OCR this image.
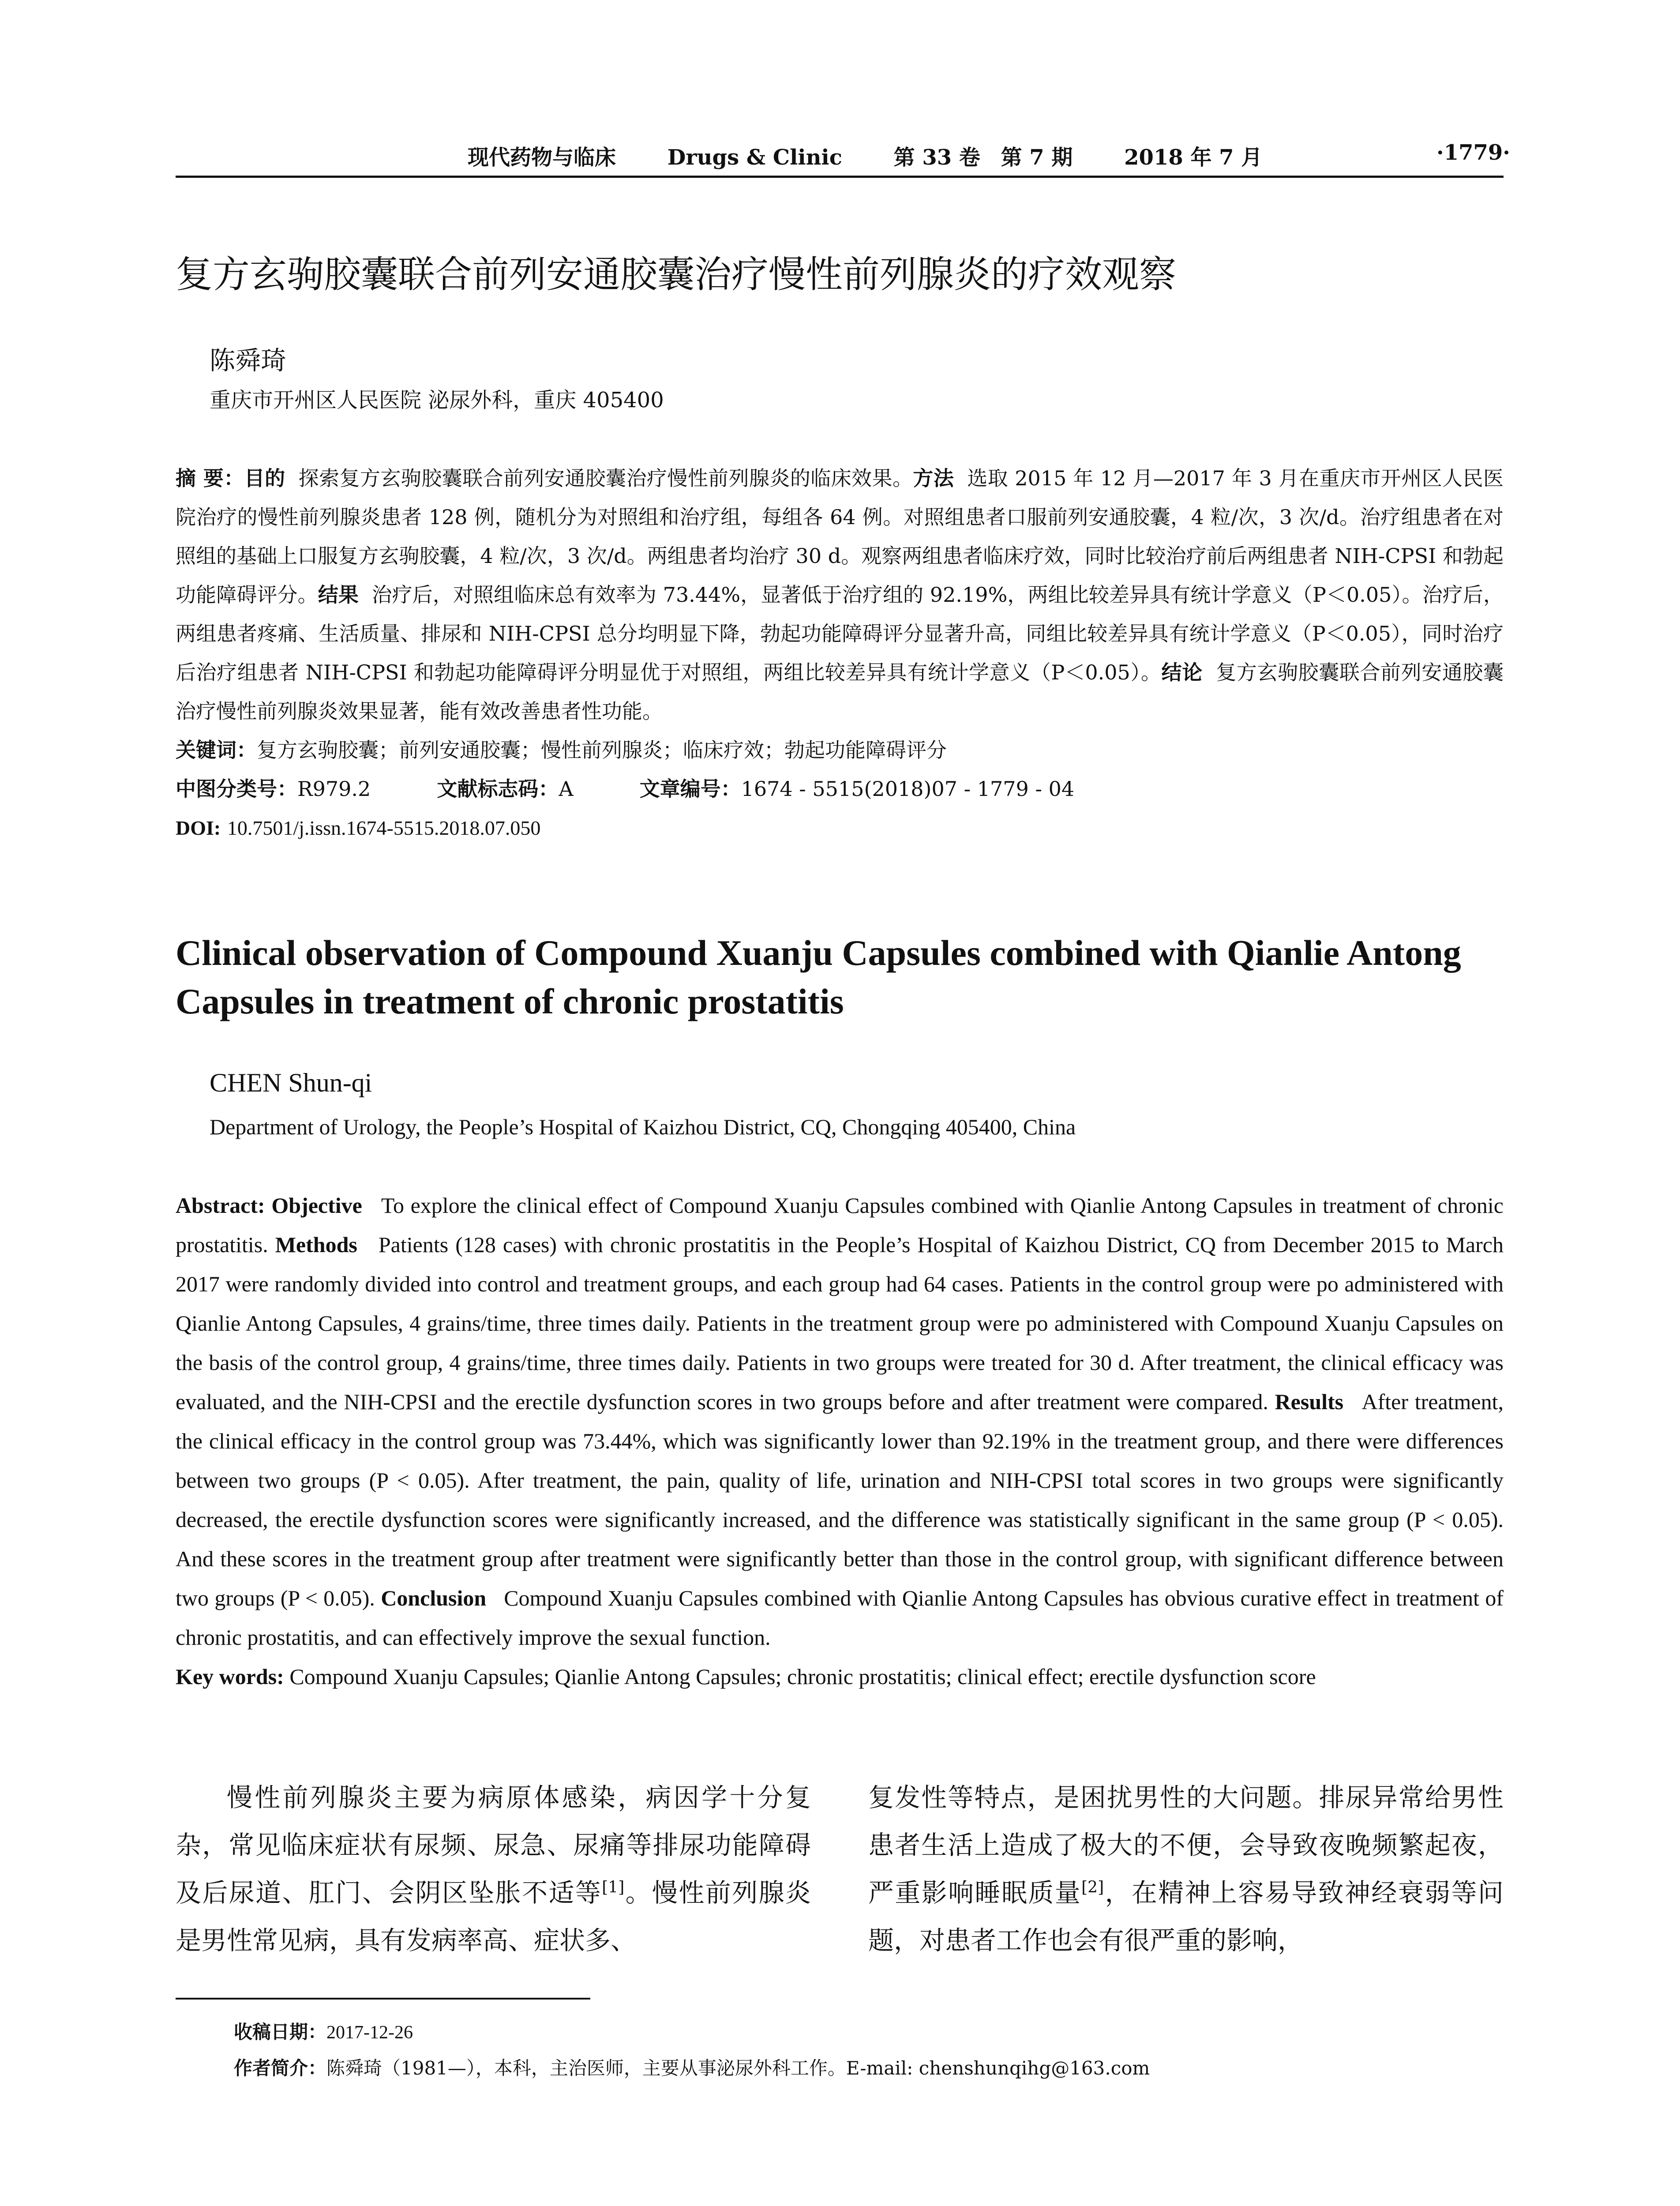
现代药物与临床 Drugs & Clinic 第 33 卷 第 7 期 2018 年 7 月	·1779·
复方玄驹胶囊联合前列安通胶囊治疗慢性前列腺炎的疗效观察
陈舜琦
重庆市开州区人民医院 泌尿外科，重庆 405400
摘 要：目的 探索复方玄驹胶囊联合前列安通胶囊治疗慢性前列腺炎的临床效果。方法 选取 2015 年 12 月—2017 年 3 月在重庆市开州区人民医院治疗的慢性前列腺炎患者 128 例，随机分为对照组和治疗组，每组各 64 例。对照组患者口服前列安通胶囊，4 粒/次，3 次/d。治疗组患者在对照组的基础上口服复方玄驹胶囊，4 粒/次，3 次/d。两组患者均治疗 30 d。观察两组患者临床疗效，同时比较治疗前后两组患者 NIH-CPSI 和勃起功能障碍评分。结果 治疗后，对照组临床总有效率为 73.44%，显著低于治疗组的 92.19%，两组比较差异具有统计学意义（P＜0.05）。治疗后，两组患者疼痛、生活质量、排尿和 NIH-CPSI 总分均明显下降，勃起功能障碍评分显著升高，同组比较差异具有统计学意义（P＜0.05），同时治疗后治疗组患者 NIH-CPSI 和勃起功能障碍评分明显优于对照组，两组比较差异具有统计学意义（P＜0.05）。结论 复方玄驹胶囊联合前列安通胶囊治疗慢性前列腺炎效果显著，能有效改善患者性功能。
关键词：复方玄驹胶囊；前列安通胶囊；慢性前列腺炎；临床疗效；勃起功能障碍评分
中图分类号：R979.2	文献标志码：A	文章编号：1674 - 5515(2018)07 - 1779 - 04
DOI: 10.7501/j.issn.1674-5515.2018.07.050
Clinical observation of Compound Xuanju Capsules combined with Qianlie Antong Capsules in treatment of chronic prostatitis
CHEN Shun-qi
Department of Urology, the People’s Hospital of Kaizhou District, CQ, Chongqing 405400, China
Abstract: Objective To explore the clinical effect of Compound Xuanju Capsules combined with Qianlie Antong Capsules in treatment of chronic prostatitis. Methods Patients (128 cases) with chronic prostatitis in the People’s Hospital of Kaizhou District, CQ from December 2015 to March 2017 were randomly divided into control and treatment groups, and each group had 64 cases. Patients in the control group were po administered with Qianlie Antong Capsules, 4 grains/time, three times daily. Patients in the treatment group were po administered with Compound Xuanju Capsules on the basis of the control group, 4 grains/time, three times daily. Patients in two groups were treated for 30 d. After treatment, the clinical efficacy was evaluated, and the NIH-CPSI and the erectile dysfunction scores in two groups before and after treatment were compared. Results After treatment, the clinical efficacy in the control group was 73.44%, which was significantly lower than 92.19% in the treatment group, and there were differences between two groups (P < 0.05). After treatment, the pain, quality of life, urination and NIH-CPSI total scores in two groups were significantly decreased, the erectile dysfunction scores were significantly increased, and the difference was statistically significant in the same group (P < 0.05). And these scores in the treatment group after treatment were significantly better than those in the control group, with significant difference between two groups (P < 0.05). Conclusion Compound Xuanju Capsules combined with Qianlie Antong Capsules has obvious curative effect in treatment of chronic prostatitis, and can effectively improve the sexual function.
Key words: Compound Xuanju Capsules; Qianlie Antong Capsules; chronic prostatitis; clinical effect; erectile dysfunction score

慢性前列腺炎主要为病原体感染，病因学十分复杂，常见临床症状有尿频、尿急、尿痛等排尿功能障碍及后尿道、肛门、会阴区坠胀不适等[1]。慢性前列腺炎是男性常见病，具有发病率高、症状多、

复发性等特点，是困扰男性的大问题。排尿异常给男性患者生活上造成了极大的不便，会导致夜晚频繁起夜，严重影响睡眠质量[2]，在精神上容易导致神经衰弱等问题，对患者工作也会有很严重的影响，

收稿日期：2017-12-26
作者简介：陈舜琦（1981—），本科，主治医师，主要从事泌尿外科工作。E-mail: chenshunqihg@163.com
